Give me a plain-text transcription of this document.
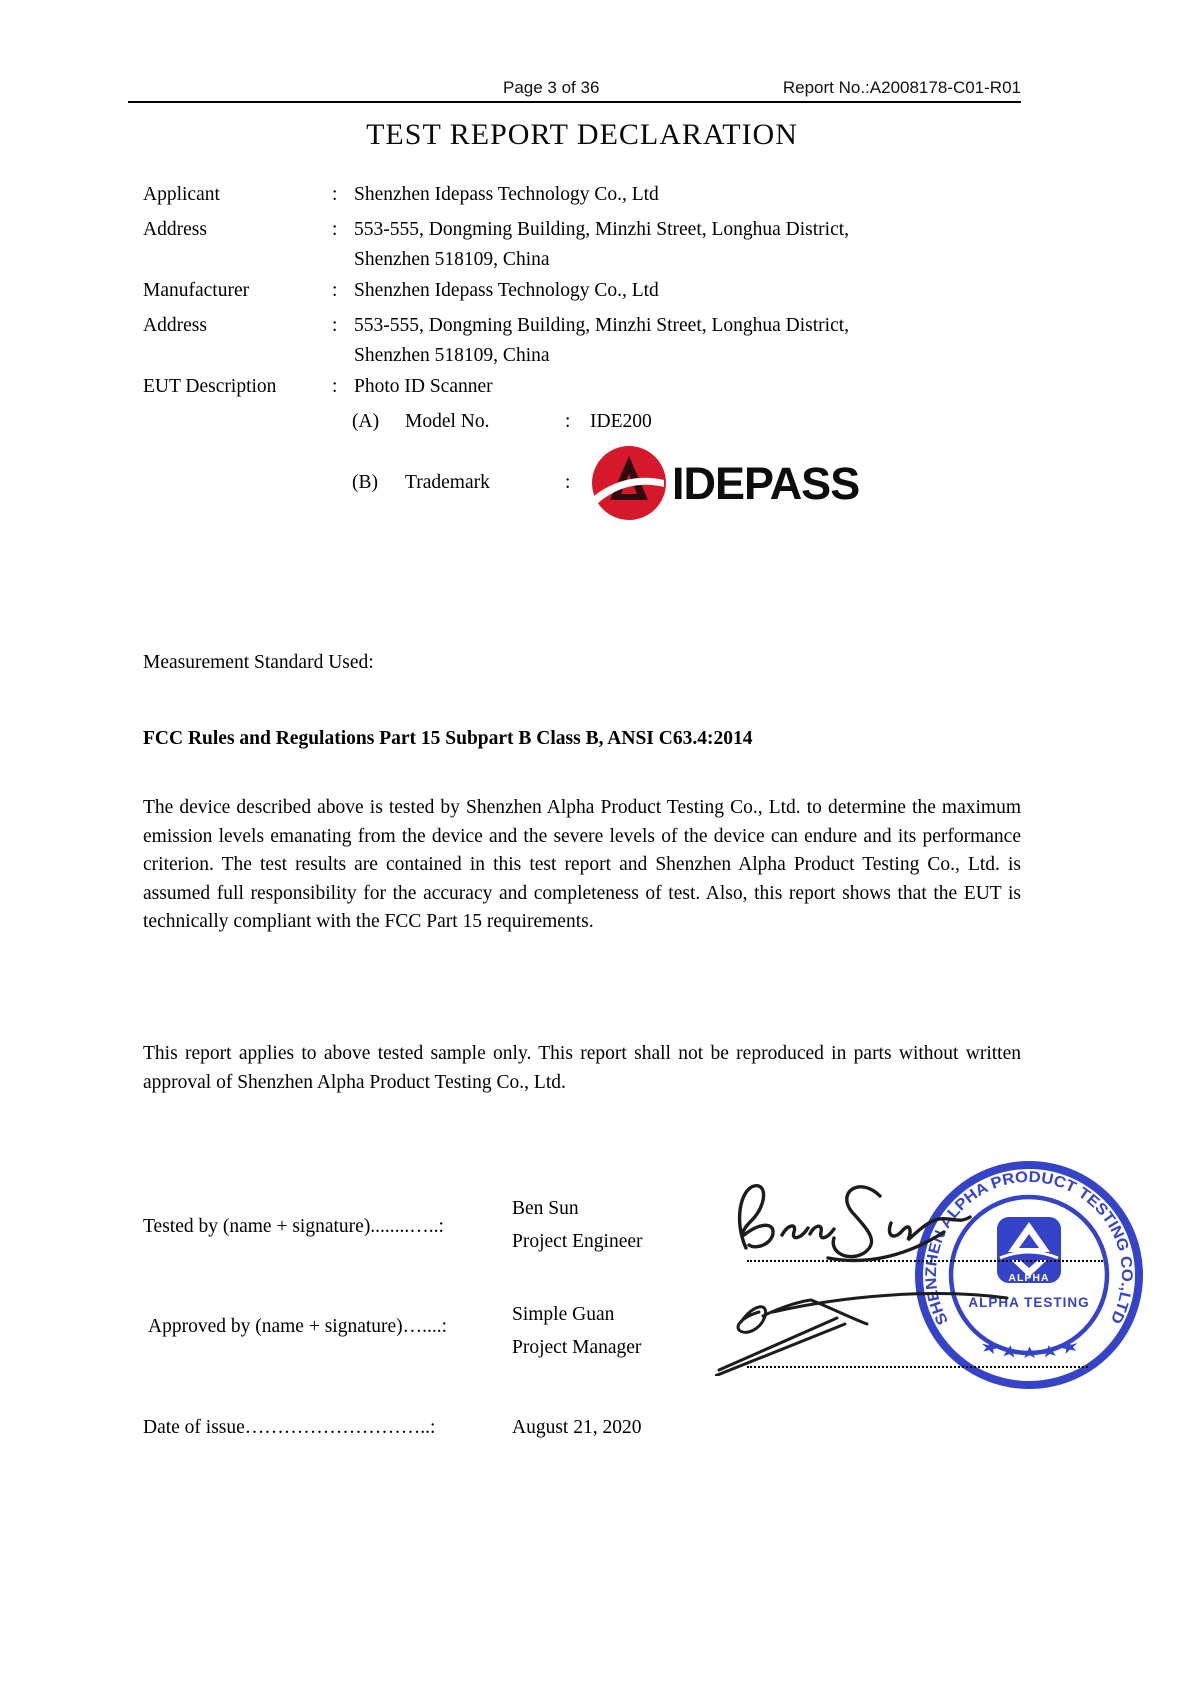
Page 3 of 36	Report No.:A2008178-C01-R01
TEST REPORT DECLARATION
Applicant	: Shenzhen Idepass Technology Co., Ltd
Address	: 553-555, Dongming Building, Minzhi Street, Longhua District,
Shenzhen 518109, China
Manufacturer	: Shenzhen Idepass Technology Co., Ltd
Address	: 553-555, Dongming Building, Minzhi Street, Longhua District,
Shenzhen 518109, China
EUT Description	: Photo ID Scanner
(A)	Model No.	:	IDE200
(B)	Trademark	:	IDEPASS
Measurement Standard Used:
FCC Rules and Regulations Part 15 Subpart B Class B, ANSI C63.4:2014
The device described above is tested by Shenzhen Alpha Product Testing Co., Ltd. to determine the maximum emission levels emanating from the device and the severe levels of the device can endure and its performance criterion. The test results are contained in this test report and Shenzhen Alpha Product Testing Co., Ltd. is assumed full responsibility for the accuracy and completeness of test. Also, this report shows that the EUT is technically compliant with the FCC Part 15 requirements.
This report applies to above tested sample only. This report shall not be reproduced in parts without written approval of Shenzhen Alpha Product Testing Co., Ltd.
Tested by (name + signature)........…..:
Ben Sun
Project Engineer
Approved by (name + signature)…....:
Simple Guan
Project Manager
Date of issue………………………..:	August 21, 2020
SHENZHEN ALPHA PRODUCT TESTING CO.,LTD
ALPHA
ALPHA TESTING
★★★★★
